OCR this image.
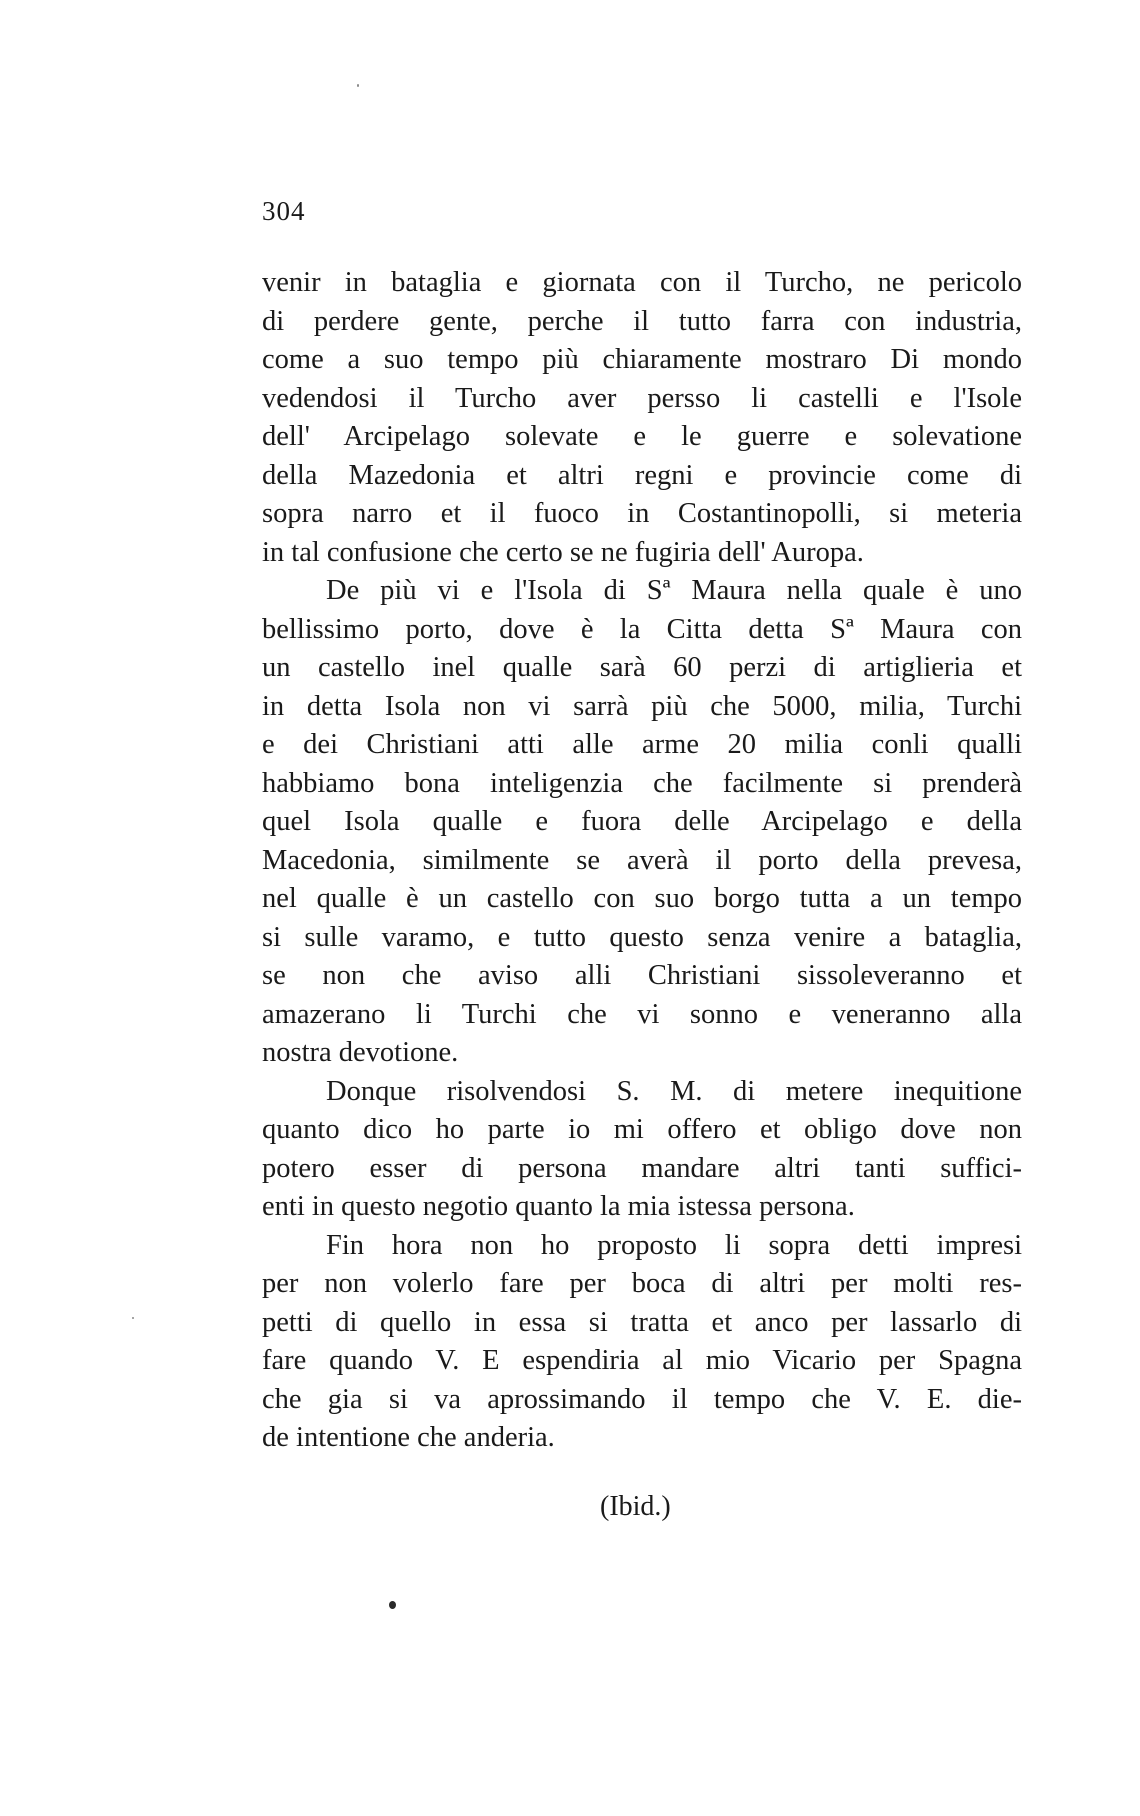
304
venir in bataglia e giornata con il Turcho, ne pericolo
di perdere gente, perche il tutto farra con industria,
come a suo tempo più chiaramente mostraro Di mondo
vedendosi il Turcho aver persso li castelli e l'Isole
dell' Arcipelago solevate e le guerre e solevatione
della Mazedonia et altri regni e provincie come di
sopra narro et il fuoco in Costantinopolli, si meteria
in tal confusione che certo se ne fugiria dell' Auropa.
De più vi e l'Isola di Sª Maura nella quale è uno
bellissimo porto, dove è la Citta detta Sª Maura con
un castello inel qualle sarà 60 perzi di artiglieria et
in detta Isola non vi sarrà più che 5000, milia, Turchi
e dei Christiani atti alle arme 20 milia conli qualli
habbiamo bona inteligenzia che facilmente si prenderà
quel Isola qualle e fuora delle Arcipelago e della
Macedonia, similmente se averà il porto della prevesa,
nel qualle è un castello con suo borgo tutta a un tempo
si sulle varamo, e tutto questo senza venire a bataglia,
se non che aviso alli Christiani sissoleveranno et
amazerano li Turchi che vi sonno e veneranno alla
nostra devotione.
Donque risolvendosi S. M. di metere inequitione
quanto dico ho parte io mi offero et obligo dove non
potero esser di persona mandare altri tanti suffici-
enti in questo negotio quanto la mia istessa persona.
Fin hora non ho proposto li sopra detti impresi
per non volerlo fare per boca di altri per molti res-
petti di quello in essa si tratta et anco per lassarlo di
fare quando V. E espendiria al mio Vicario per Spagna
che gia si va aprossimando il tempo che V. E. die-
de intentione che anderia.
(Ibid.)
